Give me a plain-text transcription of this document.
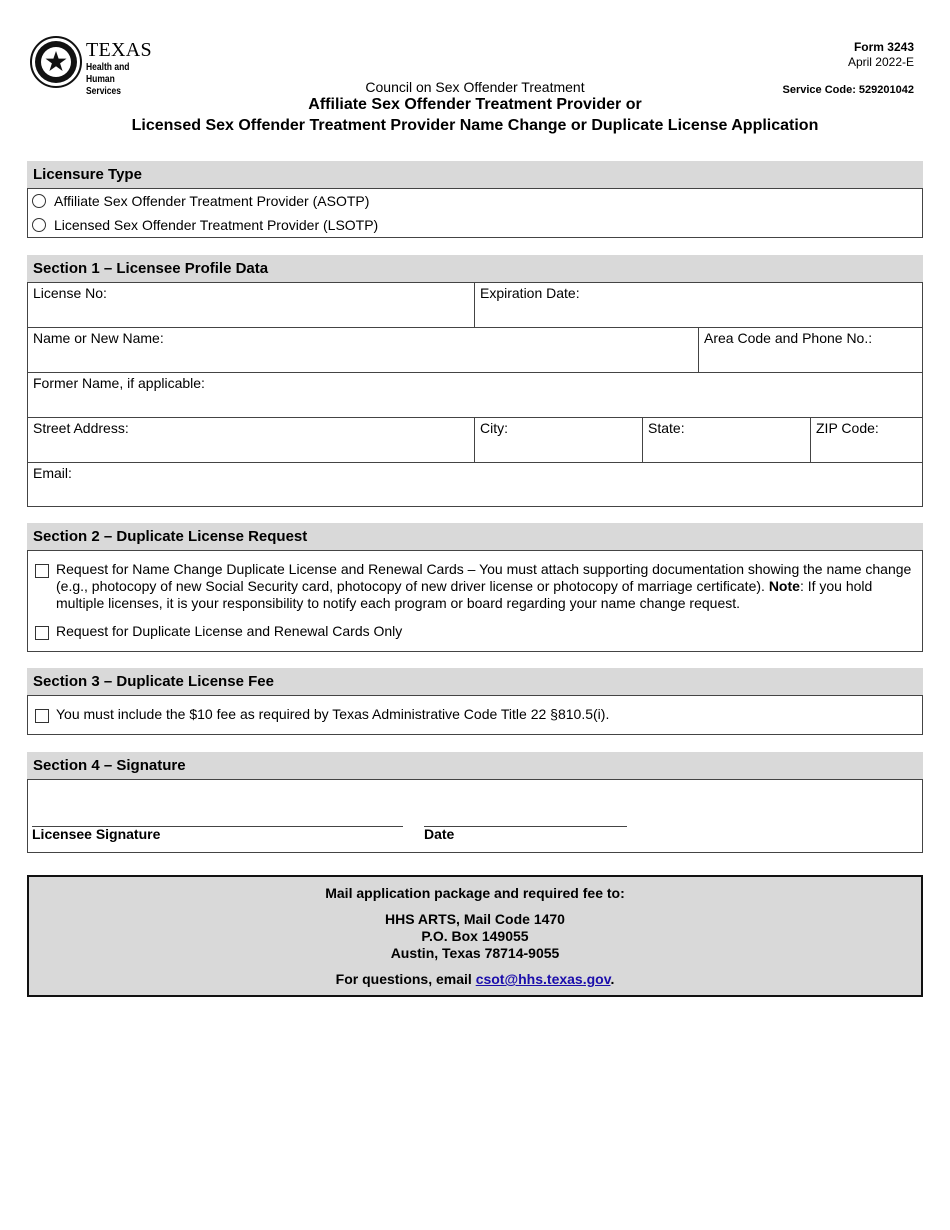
TEXAS
Health and Human
Services
Form 3243
April 2022-E
Service Code: 529201042
Council on Sex Offender Treatment
Affiliate Sex Offender Treatment Provider or
Licensed Sex Offender Treatment Provider Name Change or Duplicate License Application
Licensure Type
Affiliate Sex Offender Treatment Provider (ASOTP)
Licensed Sex Offender Treatment Provider (LSOTP)
Section 1 – Licensee Profile Data
License No:	Expiration Date:
Name or New Name:	Area Code and Phone No.:
Former Name, if applicable:
Street Address:	City:	State:	ZIP Code:
Email:
Section 2 – Duplicate License Request
Request for Name Change Duplicate License and Renewal Cards – You must attach supporting documentation showing the name change (e.g., photocopy of new Social Security card, photocopy of new driver license or photocopy of marriage certificate). Note: If you hold multiple licenses, it is your responsibility to notify each program or board regarding your name change request.
Request for Duplicate License and Renewal Cards Only
Section 3 – Duplicate License Fee
You must include the $10 fee as required by Texas Administrative Code Title 22 §810.5(i).
Section 4 – Signature
Licensee Signature	Date
Mail application package and required fee to:
HHS ARTS, Mail Code 1470
P.O. Box 149055
Austin, Texas 78714-9055
For questions, email csot@hhs.texas.gov.
